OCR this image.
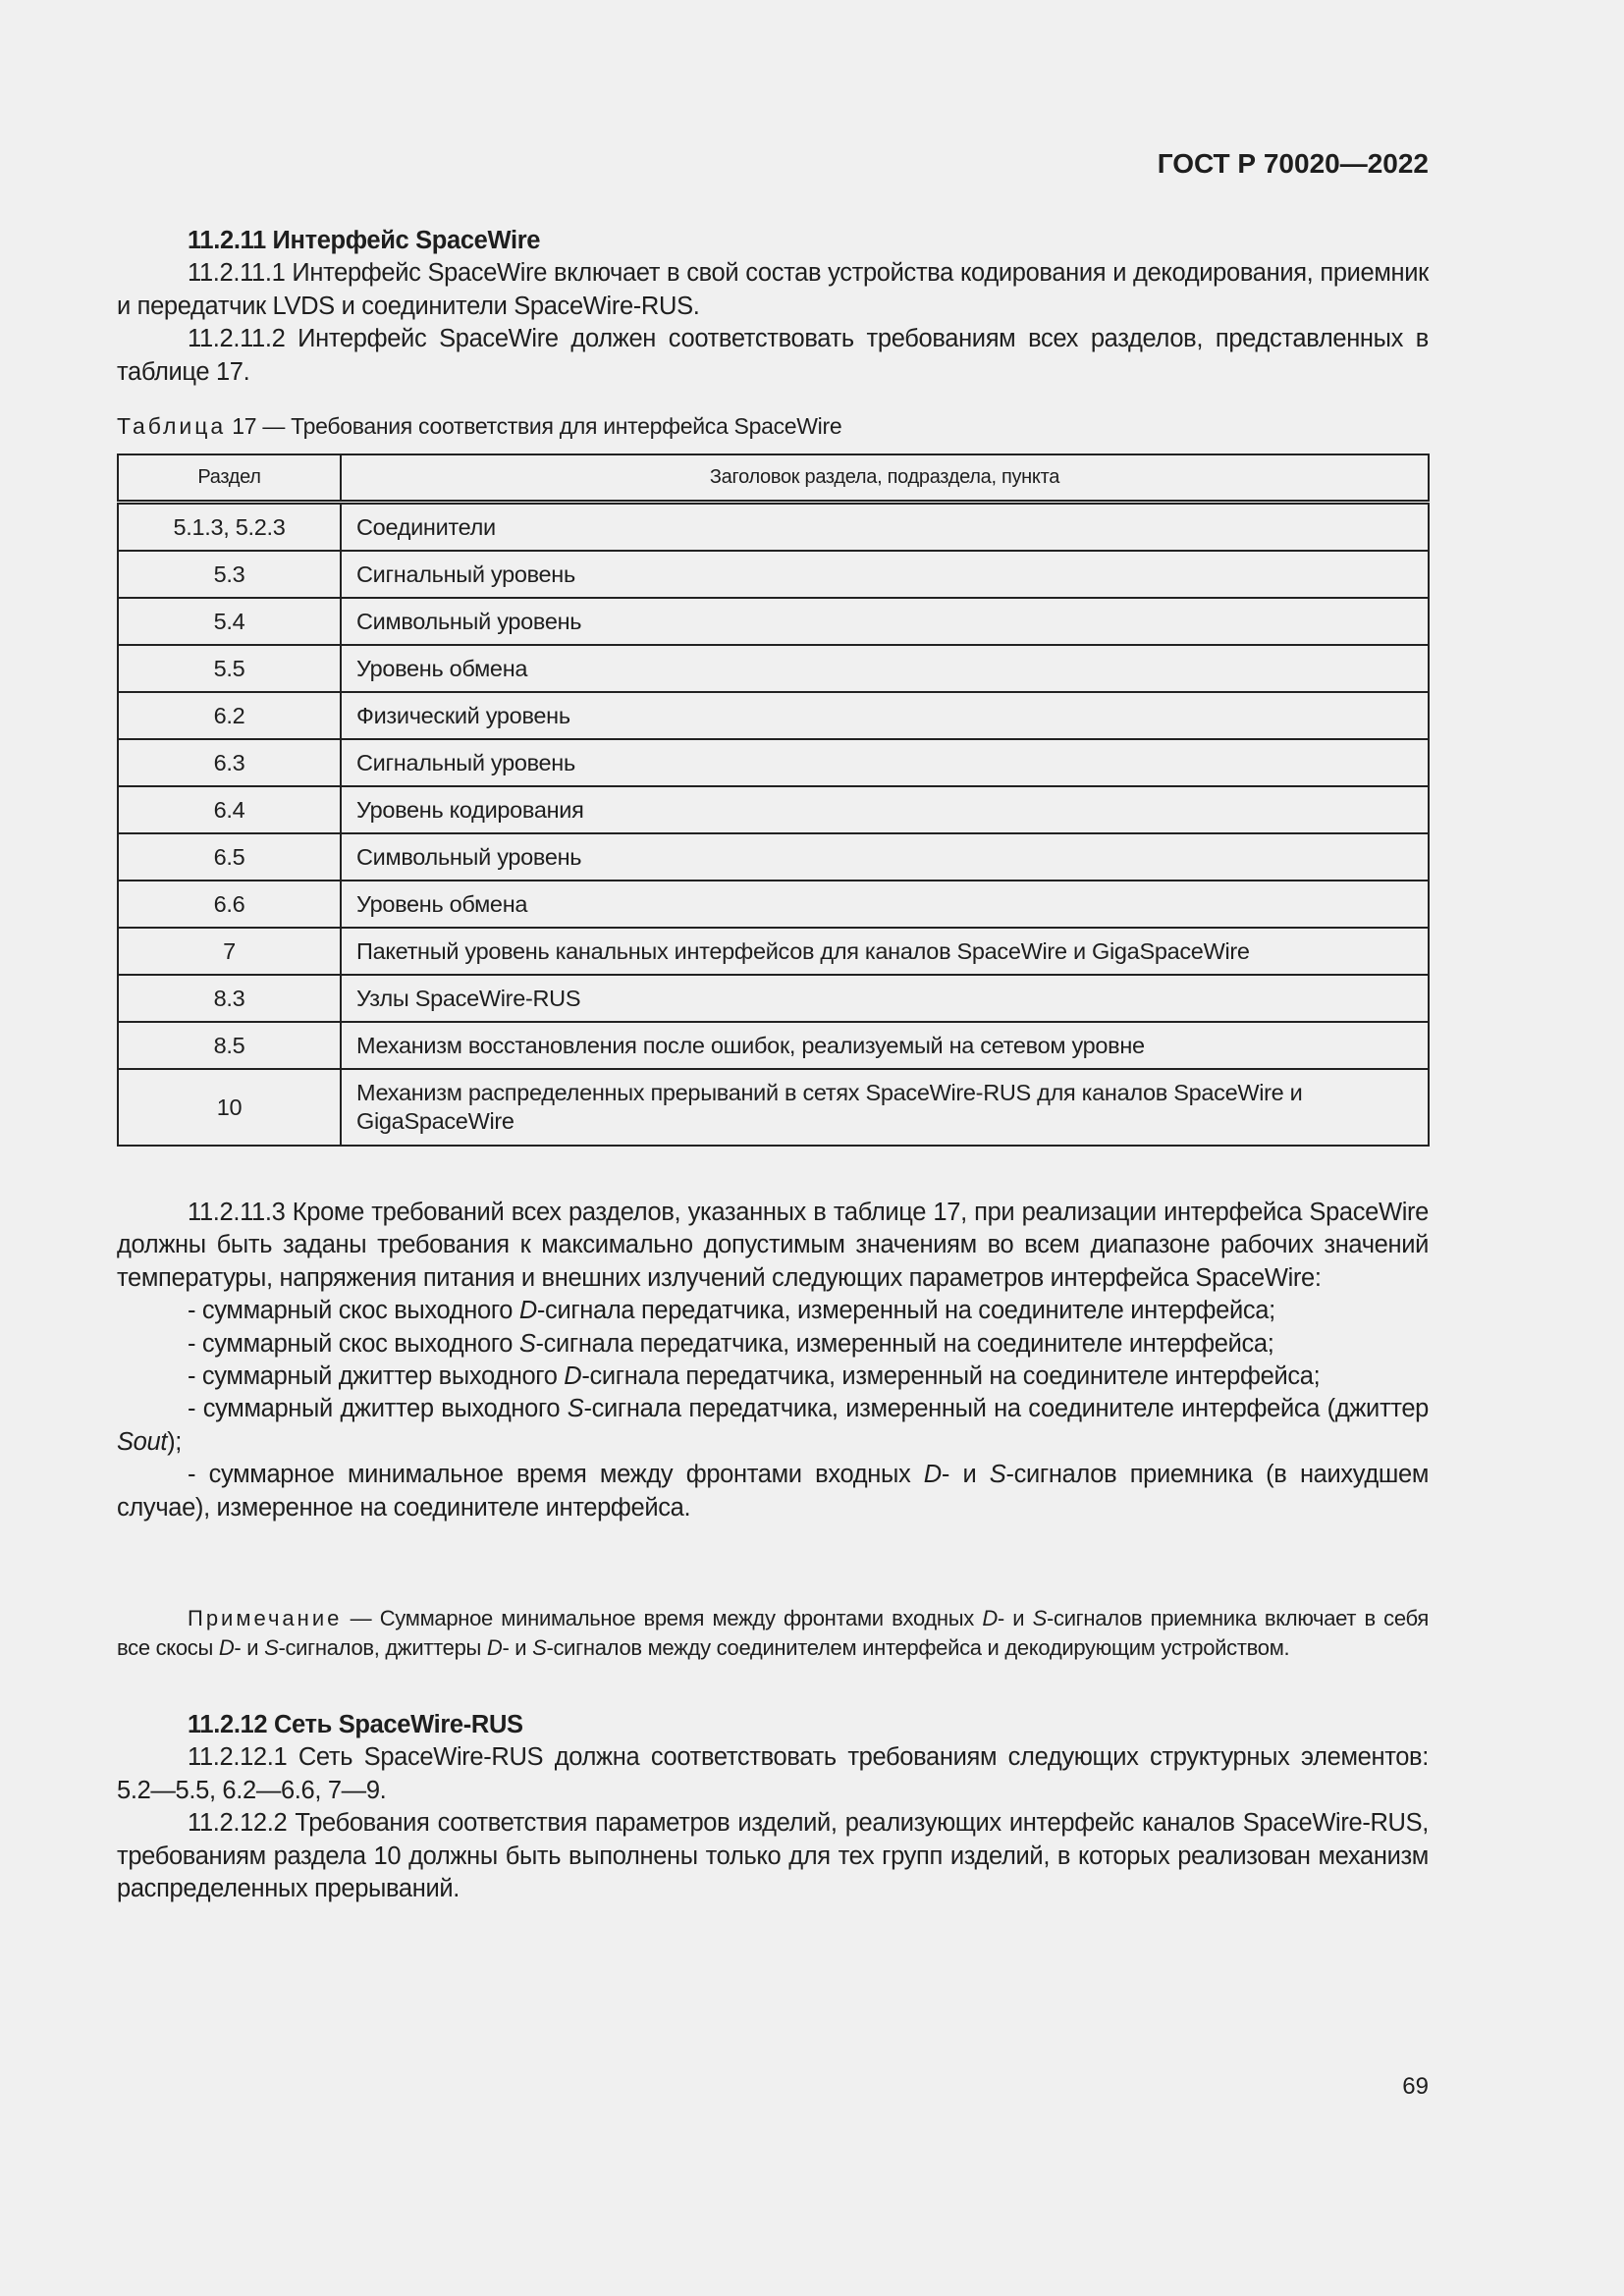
ГОСТ Р 70020—2022

11.2.11 Интерфейс SpaceWire

11.2.11.1 Интерфейс SpaceWire включает в свой состав устройства кодирования и декодирования, приемник и передатчик LVDS и соединители SpaceWire-RUS.

11.2.11.2 Интерфейс SpaceWire должен соответствовать требованиям всех разделов, представленных в таблице 17.

Таблица 17 — Требования соответствия для интерфейса SpaceWire
Раздел	Заголовок раздела, подраздела, пункта
5.1.3, 5.2.3	Соединители
5.3	Сигнальный уровень
5.4	Символьный уровень
5.5	Уровень обмена
6.2	Физический уровень
6.3	Сигнальный уровень
6.4	Уровень кодирования
6.5	Символьный уровень
6.6	Уровень обмена
7	Пакетный уровень канальных интерфейсов для каналов SpaceWire и GigaSpaceWire
8.3	Узлы SpaceWire-RUS
8.5	Механизм восстановления после ошибок, реализуемый на сетевом уровне
10	Механизм распределенных прерываний в сетях SpaceWire-RUS для каналов SpaceWire и GigaSpaceWire

11.2.11.3 Кроме требований всех разделов, указанных в таблице 17, при реализации интерфейса SpaceWire должны быть заданы требования к максимально допустимым значениям во всем диапазоне рабочих значений температуры, напряжения питания и внешних излучений следующих параметров интерфейса SpaceWire:

- суммарный скос выходного D-сигнала передатчика, измеренный на соединителе интерфейса;

- суммарный скос выходного S-сигнала передатчика, измеренный на соединителе интерфейса;

- суммарный джиттер выходного D-сигнала передатчика, измеренный на соединителе интерфейса;

- суммарный джиттер выходного S-сигнала передатчика, измеренный на соединителе интерфейса (джиттер Sout);

- суммарное минимальное время между фронтами входных D- и S-сигналов приемника (в наихудшем случае), измеренное на соединителе интерфейса.

Примечание — Суммарное минимальное время между фронтами входных D- и S-сигналов приемника включает в себя все скосы D- и S-сигналов, джиттеры D- и S-сигналов между соединителем интерфейса и декодирующим устройством.

11.2.12 Сеть SpaceWire-RUS

11.2.12.1 Сеть SpaceWire-RUS должна соответствовать требованиям следующих структурных элементов: 5.2—5.5, 6.2—6.6, 7—9.

11.2.12.2 Требования соответствия параметров изделий, реализующих интерфейс каналов SpaceWire-RUS, требованиям раздела 10 должны быть выполнены только для тех групп изделий, в которых реализован механизм распределенных прерываний.

69
